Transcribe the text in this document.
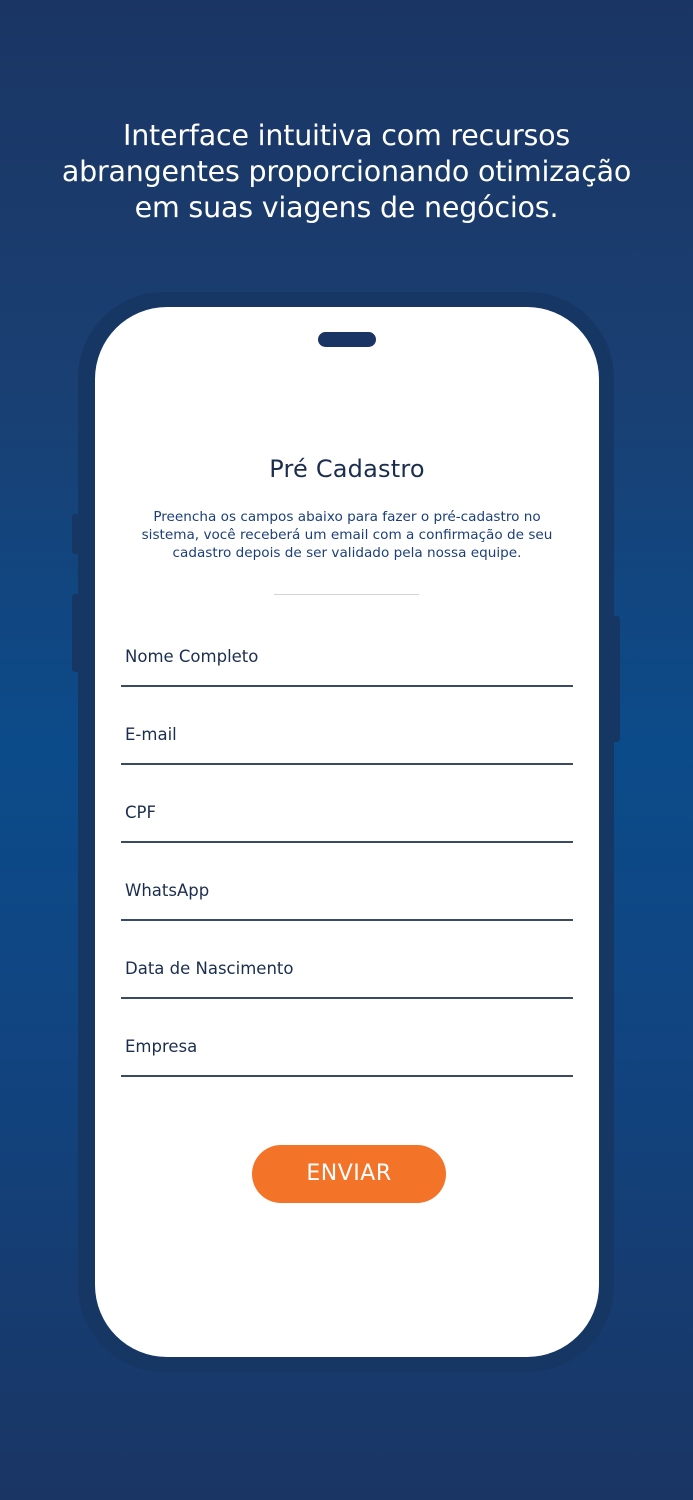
Interface intuitiva com recursos
abrangentes proporcionando otimização
em suas viagens de negócios.
Pré Cadastro
Preencha os campos abaixo para fazer o pré-cadastro no
sistema, você receberá um email com a confirmação de seu
cadastro depois de ser validado pela nossa equipe.
Nome Completo
E-mail
CPF
WhatsApp
Data de Nascimento
Empresa
ENVIAR
